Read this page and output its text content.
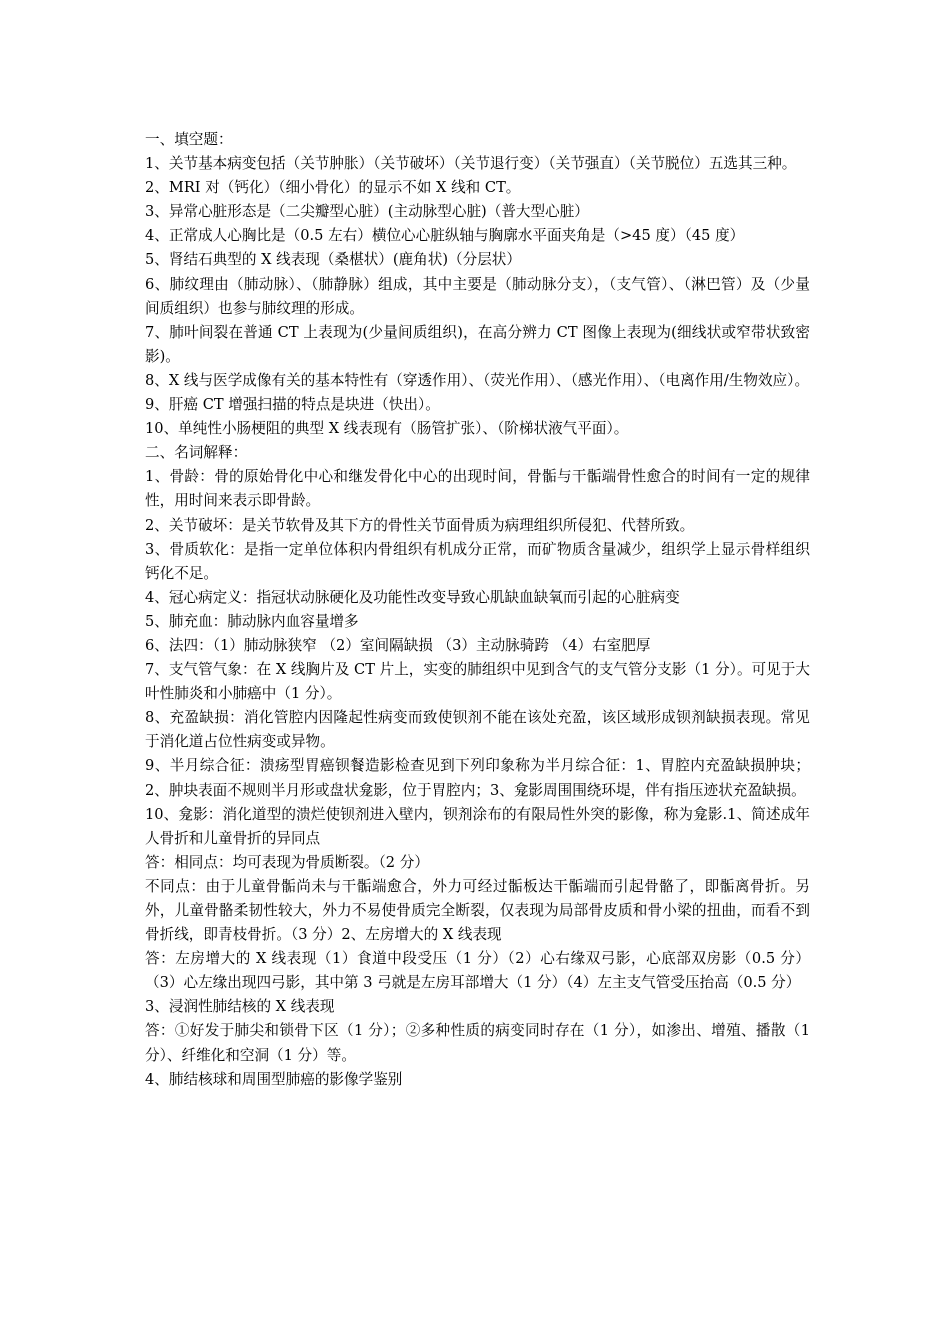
一、填空题：

1、关节基本病变包括（关节肿胀）（关节破坏）（关节退行变）（关节强直）（关节脱位）五选其三种。

2、MRI 对（钙化）（细小骨化）的显示不如 X 线和 CT。

3、异常心脏形态是（二尖瓣型心脏）(主动脉型心脏)（普大型心脏）

4、正常成人心胸比是（0.5 左右）横位心心脏纵轴与胸廓水平面夹角是（>45 度）（45 度）

5、肾结石典型的 X 线表现（桑椹状）(鹿角状)（分层状）

6、肺纹理由（肺动脉）、（肺静脉）组成，其中主要是（肺动脉分支），（支气管）、（淋巴管）及（少量间质组织）也参与肺纹理的形成。

7、肺叶间裂在普通 CT 上表现为(少量间质组织)，在高分辨力 CT 图像上表现为(细线状或窄带状致密影)。

8、X 线与医学成像有关的基本特性有（穿透作用）、（荧光作用）、（感光作用）、（电离作用/生物效应）。

9、肝癌 CT 增强扫描的特点是块进（快出）。

10、单纯性小肠梗阻的典型 X 线表现有（肠管扩张）、（阶梯状液气平面）。

二、名词解释：

1、骨龄：骨的原始骨化中心和继发骨化中心的出现时间，骨骺与干骺端骨性愈合的时间有一定的规律性，用时间来表示即骨龄。

2、关节破坏：是关节软骨及其下方的骨性关节面骨质为病理组织所侵犯、代替所致。

3、骨质软化：是指一定单位体积内骨组织有机成分正常，而矿物质含量减少，组织学上显示骨样组织钙化不足。

4、冠心病定义：指冠状动脉硬化及功能性改变导致心肌缺血缺氧而引起的心脏病变

5、肺充血：肺动脉内血容量增多

6、法四：（1）肺动脉狭窄 （2）室间隔缺损 （3）主动脉骑跨 （4）右室肥厚

7、支气管气象：在 X 线胸片及 CT 片上，实变的肺组织中见到含气的支气管分支影（1 分）。可见于大叶性肺炎和小肺癌中（1 分）。

8、充盈缺损：消化管腔内因隆起性病变而致使钡剂不能在该处充盈，该区域形成钡剂缺损表现。常见于消化道占位性病变或异物。

9、半月综合征：溃疡型胃癌钡餐造影检查见到下列印象称为半月综合征：1、胃腔内充盈缺损肿块；2、肿块表面不规则半月形或盘状龛影，位于胃腔内；3、龛影周围围绕环堤，伴有指压迹状充盈缺损。

10、龛影：消化道型的溃烂使钡剂进入壁内，钡剂涂布的有限局性外突的影像，称为龛影.1、简述成年人骨折和儿童骨折的异同点

答：相同点：均可表现为骨质断裂。（2 分）

不同点：由于儿童骨骺尚未与干骺端愈合，外力可经过骺板达干骺端而引起骨骼了，即骺离骨折。另外，儿童骨骼柔韧性较大，外力不易使骨质完全断裂，仅表现为局部骨皮质和骨小梁的扭曲，而看不到骨折线，即青枝骨折。（3 分）2、左房增大的 X 线表现

答：左房增大的 X 线表现（1）食道中段受压（1 分）（2）心右缘双弓影，心底部双房影（0.5 分）（3）心左缘出现四弓影，其中第 3 弓就是左房耳部增大（1 分）（4）左主支气管受压抬高（0.5 分）

3、浸润性肺结核的 X 线表现

答：①好发于肺尖和锁骨下区（1 分）；②多种性质的病变同时存在（1 分），如渗出、增殖、播散（1 分）、纤维化和空洞（1 分）等。

4、肺结核球和周围型肺癌的影像学鉴别
